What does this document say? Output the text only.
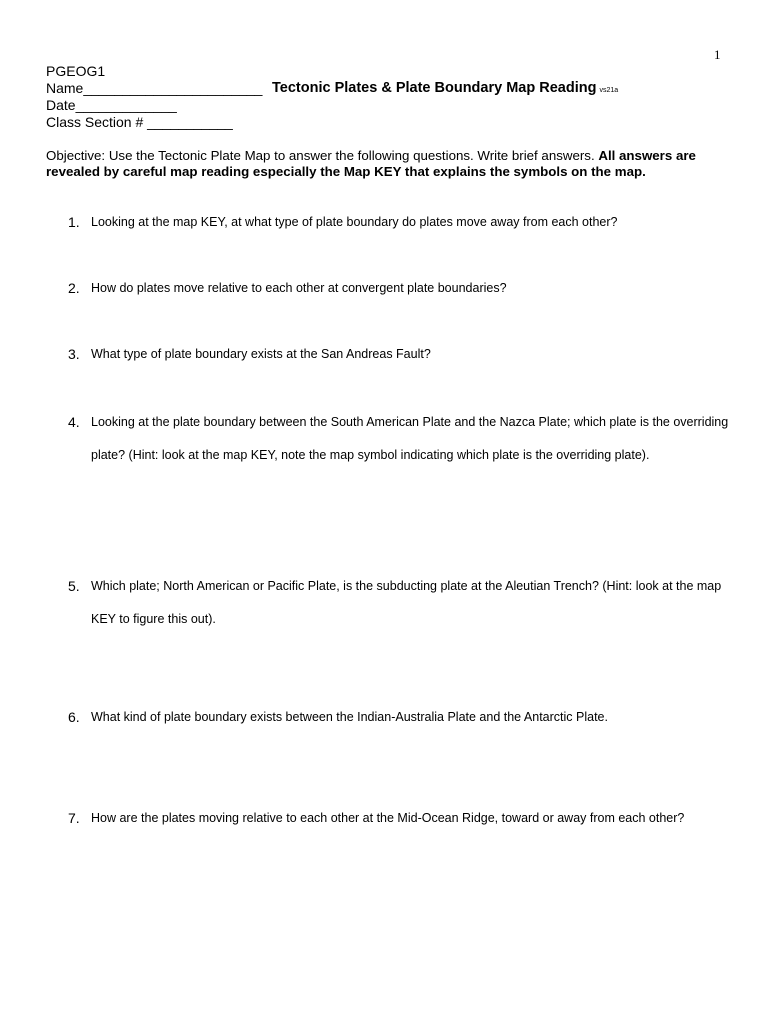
1
PGEOG1
Name_______________________
Date_____________
Class Section # ___________
Tectonic Plates & Plate Boundary Map Reading vs21a
Objective: Use the Tectonic Plate Map to answer the following questions. Write brief answers. All answers are revealed by careful map reading especially the Map KEY that explains the symbols on the map.
1. Looking at the map KEY, at what type of plate boundary do plates move away from each other?
2. How do plates move relative to each other at convergent plate boundaries?
3. What type of plate boundary exists at the San Andreas Fault?
4. Looking at the plate boundary between the South American Plate and the Nazca Plate; which plate is the overriding plate? (Hint: look at the map KEY, note the map symbol indicating which plate is the overriding plate).
5. Which plate; North American or Pacific Plate, is the subducting plate at the Aleutian Trench? (Hint: look at the map KEY to figure this out).
6. What kind of plate boundary exists between the Indian-Australia Plate and the Antarctic Plate.
7. How are the plates moving relative to each other at the Mid-Ocean Ridge, toward or away from each other?
